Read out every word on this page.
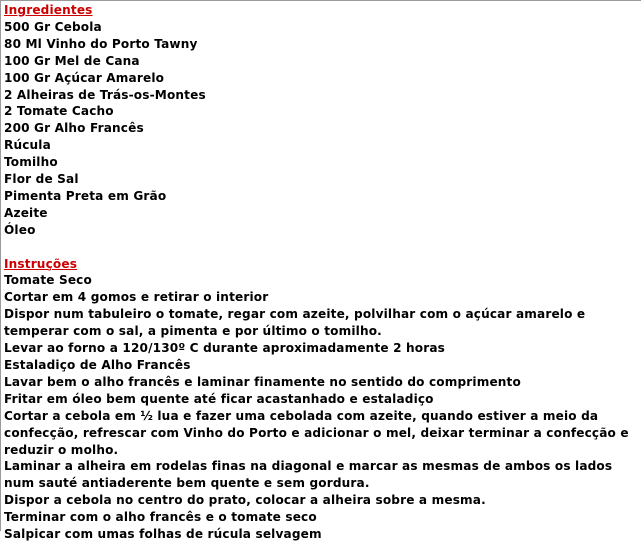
Ingredientes
500 Gr Cebola
80 Ml Vinho do Porto Tawny
100 Gr Mel de Cana
100 Gr Açúcar Amarelo
2 Alheiras de Trás-os-Montes
2 Tomate Cacho
200 Gr Alho Francês
Rúcula
Tomilho
Flor de Sal
Pimenta Preta em Grão
Azeite
Óleo
Instruções
Tomate Seco
Cortar em 4 gomos e retirar o interior
Dispor num tabuleiro o tomate, regar com azeite, polvilhar com o açúcar amarelo e temperar com o sal, a pimenta e por último o tomilho.
Levar ao forno a 120/130º C durante aproximadamente 2 horas
Estaladiço de Alho Francês
Lavar bem o alho francês e laminar finamente no sentido do comprimento
Fritar em óleo bem quente até ficar acastanhado e estaladiço
Cortar a cebola em ½ lua e fazer uma cebolada com azeite, quando estiver a meio da confecção, refrescar com Vinho do Porto e adicionar o mel, deixar terminar a confecção e reduzir o molho.
Laminar a alheira em rodelas finas na diagonal e marcar as mesmas de ambos os lados num sauté antiaderente bem quente e sem gordura.
Dispor a cebola no centro do prato, colocar a alheira sobre a mesma.
Terminar com o alho francês e o tomate seco
Salpicar com umas folhas de rúcula selvagem
